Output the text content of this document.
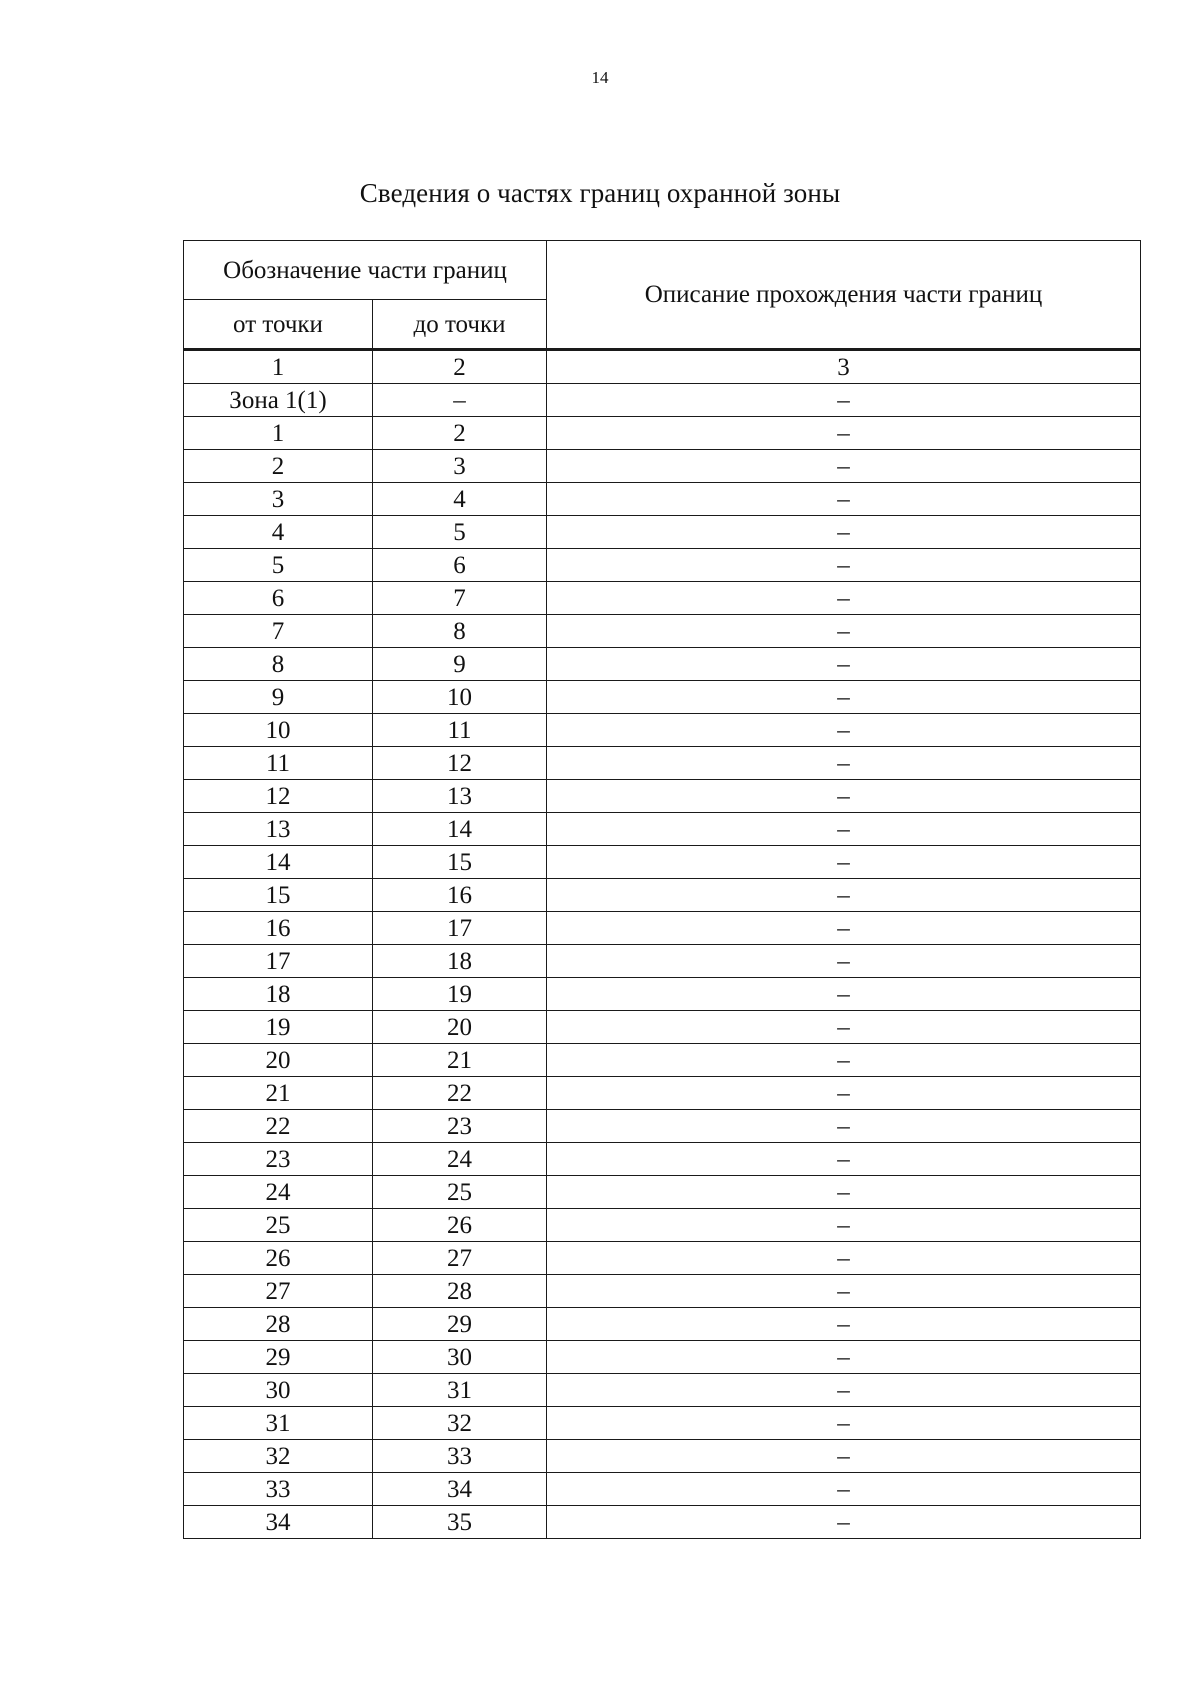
14
Сведения о частях границ охранной зоны
Обозначение части границ		Описание прохождения части границ
от точки	до точки	
1	2	3
Зона 1(1)	–	–
1	2	–
2	3	–
3	4	–
4	5	–
5	6	–
6	7	–
7	8	–
8	9	–
9	10	–
10	11	–
11	12	–
12	13	–
13	14	–
14	15	–
15	16	–
16	17	–
17	18	–
18	19	–
19	20	–
20	21	–
21	22	–
22	23	–
23	24	–
24	25	–
25	26	–
26	27	–
27	28	–
28	29	–
29	30	–
30	31	–
31	32	–
32	33	–
33	34	–
34	35	–
